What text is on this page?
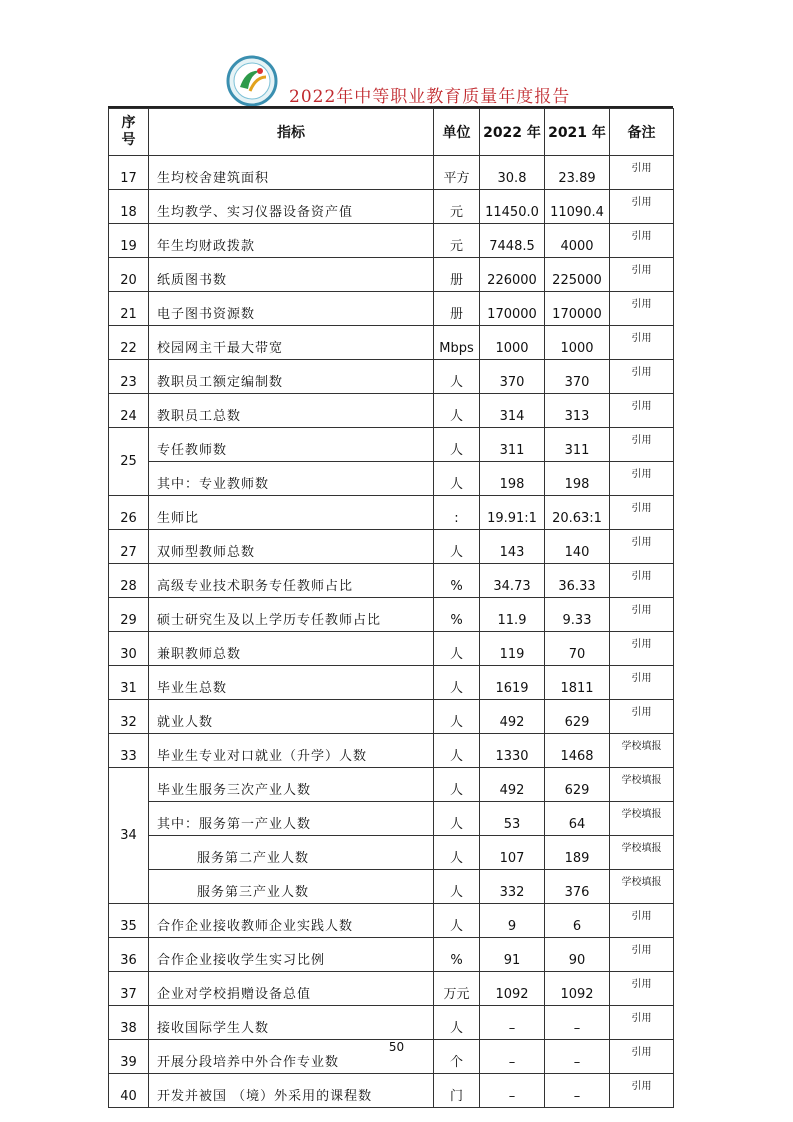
2022年中等职业教育质量年度报告
序号	指标	单位	2022 年	2021 年	备注
17	生均校舍建筑面积	平方	30.8	23.89	引用
18	生均教学、实习仪器设备资产值	元	11450.0	11090.4	引用
19	年生均财政拨款	元	7448.5	4000	引用
20	纸质图书数	册	226000	225000	引用
21	电子图书资源数	册	170000	170000	引用
22	校园网主干最大带宽	Mbps	1000	1000	引用
23	教职员工额定编制数	人	370	370	引用
24	教职员工总数	人	314	313	引用
25	专任教师数	人	311	311	引用
	其中：专业教师数	人	198	198	引用
26	生师比	:	19.91:1	20.63:1	引用
27	双师型教师总数	人	143	140	引用
28	高级专业技术职务专任教师占比	%	34.73	36.33	引用
29	硕士研究生及以上学历专任教师占比	%	11.9	9.33	引用
30	兼职教师总数	人	119	70	引用
31	毕业生总数	人	1619	1811	引用
32	就业人数	人	492	629	引用
33	毕业生专业对口就业（升学）人数	人	1330	1468	学校填报
34	毕业生服务三次产业人数	人	492	629	学校填报
	其中：服务第一产业人数	人	53	64	学校填报
	服务第二产业人数	人	107	189	学校填报
	服务第三产业人数	人	332	376	学校填报
35	合作企业接收教师企业实践人数	人	9	6	引用
36	合作企业接收学生实习比例	%	91	90	引用
37	企业对学校捐赠设备总值	万元	1092	1092	引用
38	接收国际学生人数	人	–	–	引用
39	开展分段培养中外合作专业数	个	–	–	引用
40	开发并被国 （境）外采用的课程数	门	–	–	引用
50
